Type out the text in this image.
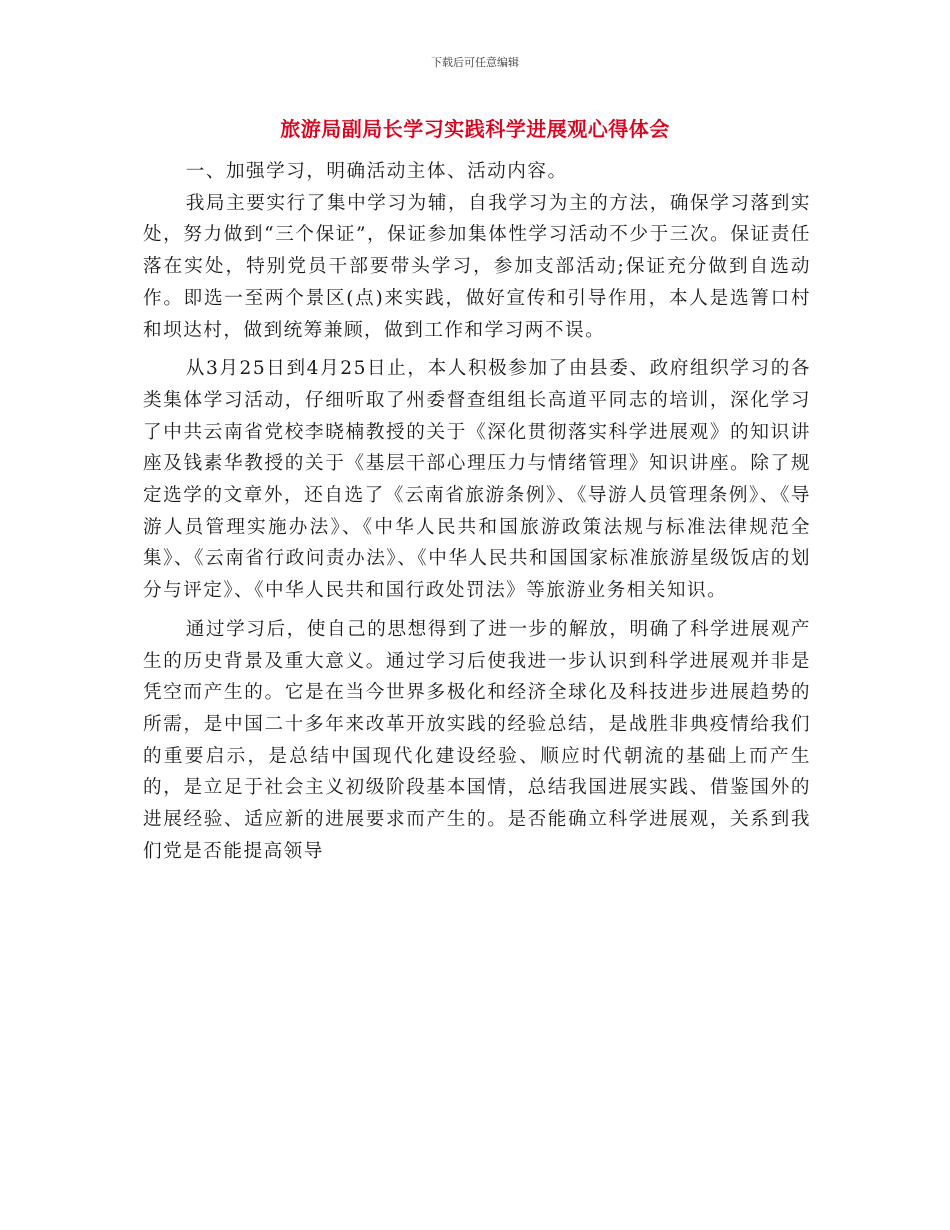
下载后可任意编辑
旅游局副局长学习实践科学进展观心得体会

一、加强学习，明确活动主体、活动内容。

我局主要实行了集中学习为辅，自我学习为主的方法，确保学习落到实处，努力做到“三个保证”，保证参加集体性学习活动不少于三次。保证责任落在实处，特别党员干部要带头学习，参加支部活动;保证充分做到自选动作。即选一至两个景区(点)来实践，做好宣传和引导作用，本人是选箐口村和坝达村，做到统筹兼顾，做到工作和学习两不误。

从3月25日到4月25日止，本人积极参加了由县委、政府组织学习的各类集体学习活动，仔细听取了州委督查组组长高道平同志的培训，深化学习了中共云南省党校李晓楠教授的关于《深化贯彻落实科学进展观》的知识讲座及钱素华教授的关于《基层干部心理压力与情绪管理》知识讲座。除了规定选学的文章外，还自选了《云南省旅游条例》、《导游人员管理条例》、《导游人员管理实施办法》、《中华人民共和国旅游政策法规与标准法律规范全集》、《云南省行政问责办法》、《中华人民共和国国家标准旅游星级饭店的划分与评定》、《中华人民共和国行政处罚法》等旅游业务相关知识。

通过学习后，使自己的思想得到了进一步的解放，明确了科学进展观产生的历史背景及重大意义。通过学习后使我进一步认识到科学进展观并非是凭空而产生的。它是在当今世界多极化和经济全球化及科技进步进展趋势的所需，是中国二十多年来改革开放实践的经验总结，是战胜非典疫情给我们的重要启示，是总结中国现代化建设经验、顺应时代朝流的基础上而产生的，是立足于社会主义初级阶段基本国情，总结我国进展实践、借鉴国外的进展经验、适应新的进展要求而产生的。是否能确立科学进展观，关系到我们党是否能提高领导
